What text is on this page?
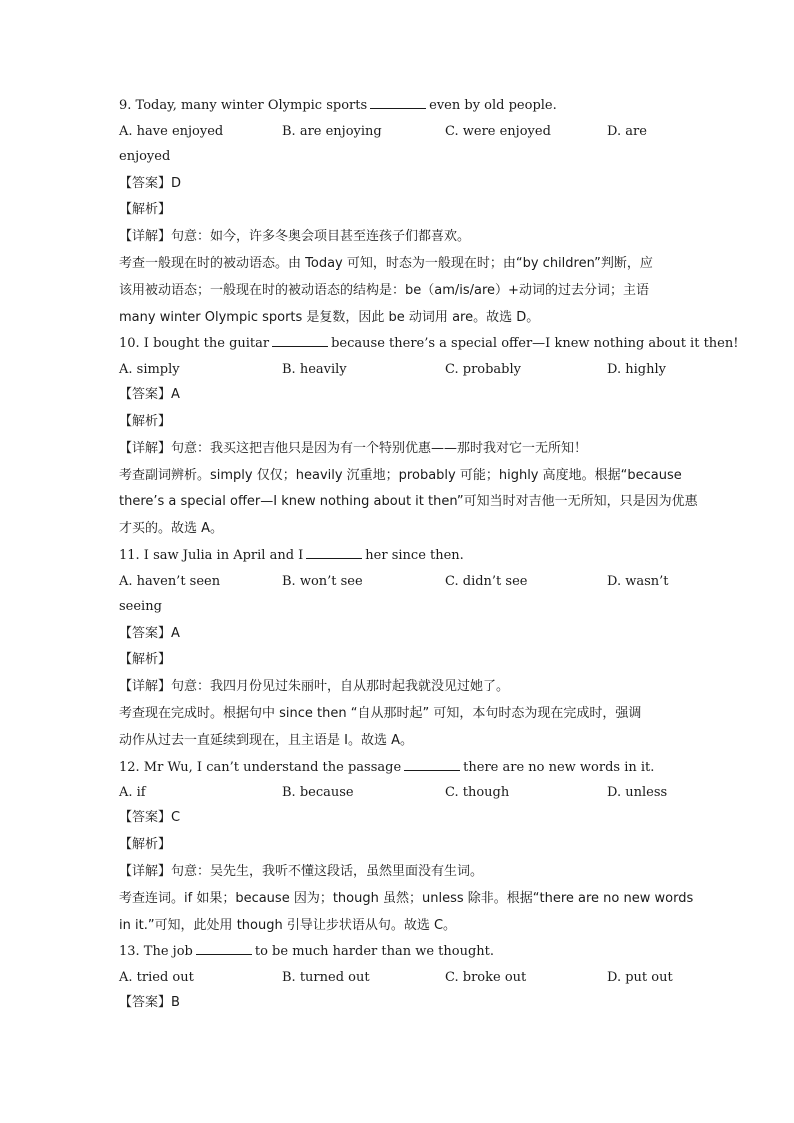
9. Today, many winter Olympic sports	even by old people.
A. have enjoyed	B. are enjoying	C. were enjoyed	D. are
enjoyed
【答案】D
【解析】
【详解】句意：如今，许多冬奥会项目甚至连孩子们都喜欢。
考查一般现在时的被动语态。由 Today 可知，时态为一般现在时；由“by children”判断，应
该用被动语态；一般现在时的被动语态的结构是：be（am/is/are）+动词的过去分词；主语
many winter Olympic sports 是复数，因此 be 动词用 are。故选 D。
10. I bought the guitar	because there’s a special offer—I knew nothing about it then!
A. simply	B. heavily	C. probably	D. highly
【答案】A
【解析】
【详解】句意：我买这把吉他只是因为有一个特别优惠——那时我对它一无所知！
考查副词辨析。simply 仅仅；heavily 沉重地；probably 可能；highly 高度地。根据“because
there’s a special offer—I knew nothing about it then”可知当时对吉他一无所知，只是因为优惠
才买的。故选 A。
11. I saw Julia in April and I	her since then.
A. haven’t seen	B. won’t see	C. didn’t see	D. wasn’t
seeing
【答案】A
【解析】
【详解】句意：我四月份见过朱丽叶，自从那时起我就没见过她了。
考查现在完成时。根据句中 since then “自从那时起” 可知，本句时态为现在完成时，强调
动作从过去一直延续到现在，且主语是 I。故选 A。
12. Mr Wu, I can’t understand the passage	there are no new words in it.
A. if	B. because	C. though	D. unless
【答案】C
【解析】
【详解】句意：吴先生，我听不懂这段话，虽然里面没有生词。
考查连词。if 如果；because 因为；though 虽然；unless 除非。根据“there are no new words
in it.”可知，此处用 though 引导让步状语从句。故选 C。
13. The job	to be much harder than we thought.
A. tried out	B. turned out	C. broke out	D. put out
【答案】B
